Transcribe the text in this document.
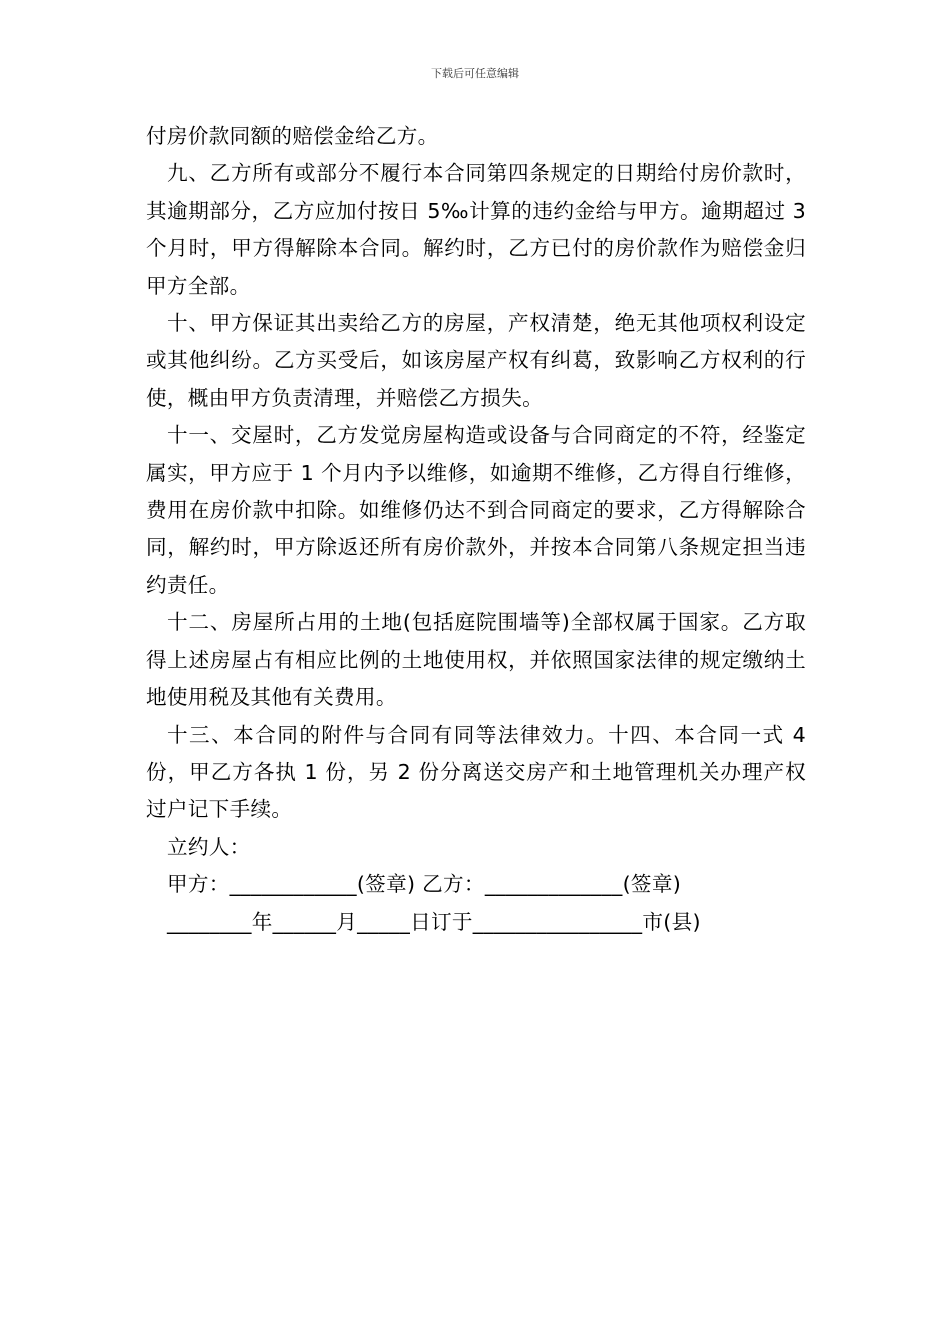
下载后可任意编辑

付房价款同额的赔偿金给乙方。

九、乙方所有或部分不履行本合同第四条规定的日期给付房价款时，其逾期部分，乙方应加付按日 5‰计算的违约金给与甲方。逾期超过 3 个月时，甲方得解除本合同。解约时，乙方已付的房价款作为赔偿金归甲方全部。

十、甲方保证其出卖给乙方的房屋，产权清楚，绝无其他项权利设定或其他纠纷。乙方买受后，如该房屋产权有纠葛，致影响乙方权利的行使，概由甲方负责清理，并赔偿乙方损失。

十一、交屋时，乙方发觉房屋构造或设备与合同商定的不符，经鉴定属实，甲方应于 1 个月内予以维修，如逾期不维修，乙方得自行维修，费用在房价款中扣除。如维修仍达不到合同商定的要求，乙方得解除合同，解约时，甲方除返还所有房价款外，并按本合同第八条规定担当违约责任。

十二、房屋所占用的土地(包括庭院围墙等)全部权属于国家。乙方取得上述房屋占有相应比例的土地使用权，并依照国家法律的规定缴纳土地使用税及其他有关费用。

十三、本合同的附件与合同有同等法律效力。十四、本合同一式 4 份，甲乙方各执 1 份，另 2 份分离送交房产和土地管理机关办理产权过户记下手续。

立约人：

甲方：____________(签章) 乙方：_____________(签章)

________年______月_____日订于________________市(县)
